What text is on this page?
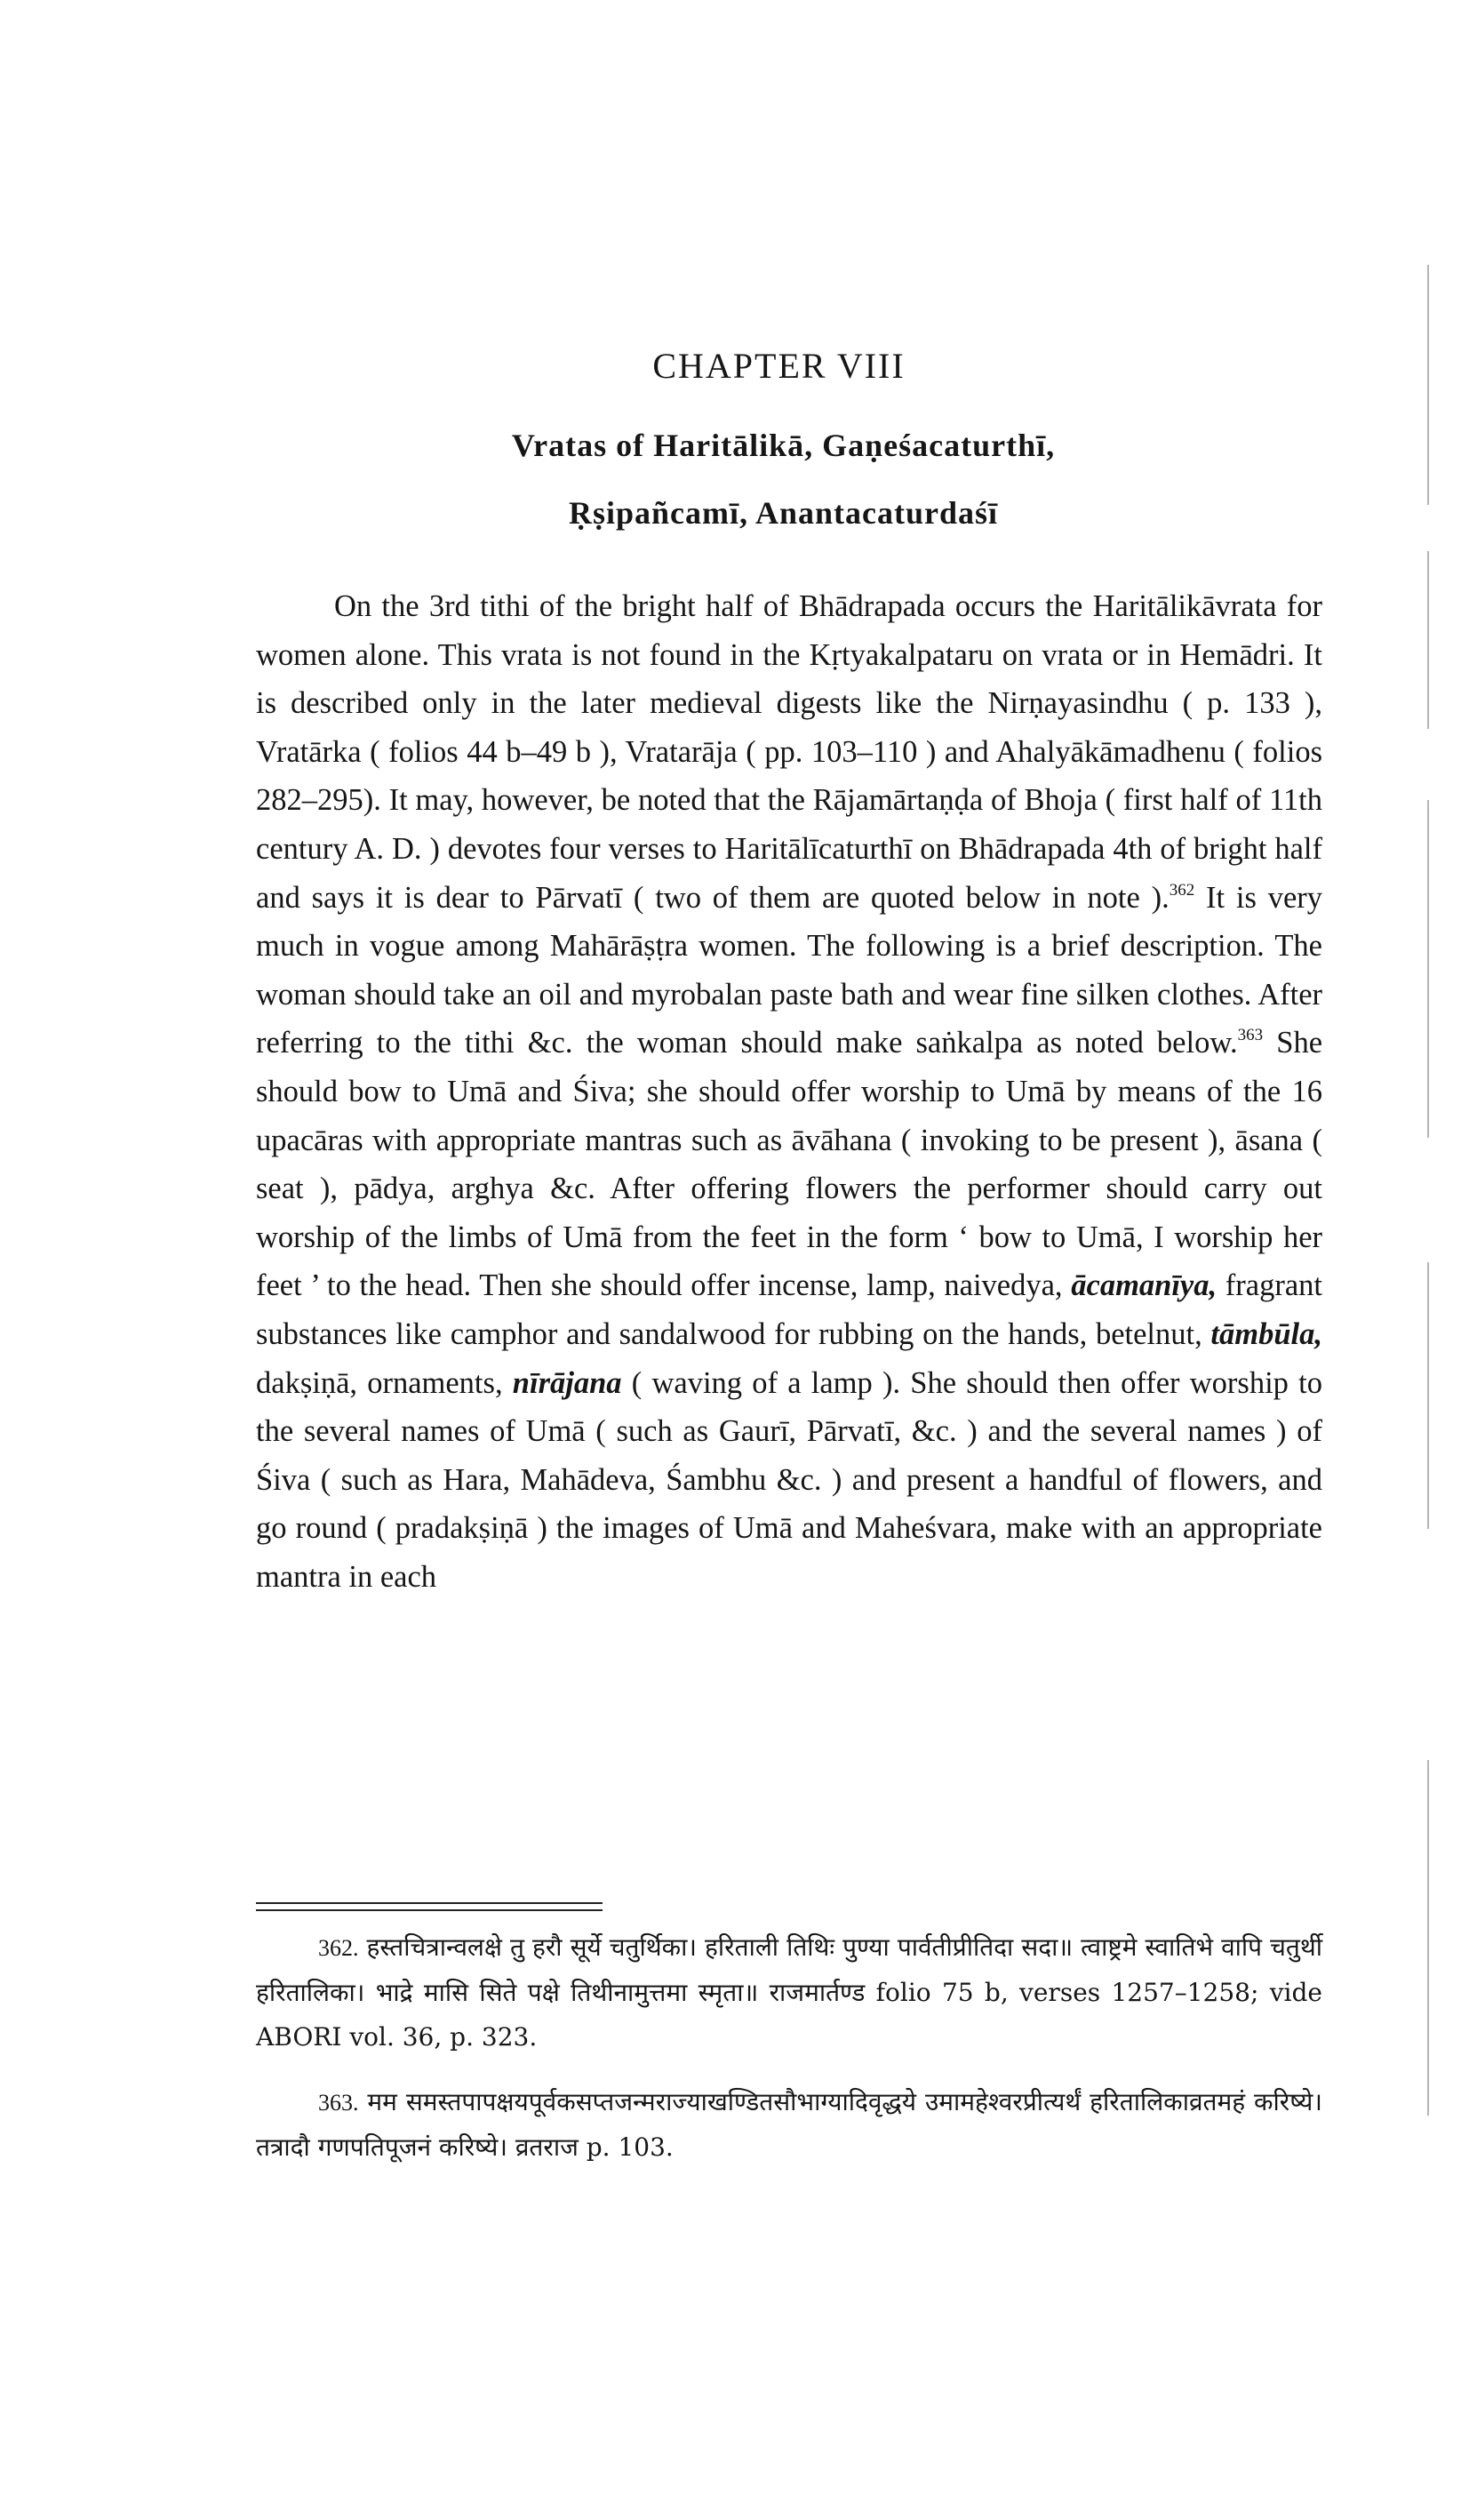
CHAPTER VIII
Vratas of Haritālikā, Gaṇeśacaturthī,
Ṛṣipañcamī, Anantacaturdaśī

On the 3rd tithi of the bright half of Bhādrapada occurs the Haritālikāvrata for women alone. This vrata is not found in the Kṛtyakalpataru on vrata or in Hemādri. It is described only in the later medieval digests like the Nirṇayasindhu ( p. 133 ), Vratārka ( folios 44 b–49 b ), Vratarāja ( pp. 103–110 ) and Ahalyākāmadhenu ( folios 282–295). It may, however, be noted that the Rājamārtaṇḍa of Bhoja ( first half of 11th century A. D. ) devotes four verses to Haritālīcaturthī on Bhādrapada 4th of bright half and says it is dear to Pārvatī ( two of them are quoted below in note ).$^{362}$ It is very much in vogue among Mahārāṣṭra women. The following is a brief description. The woman should take an oil and myrobalan paste bath and wear fine silken clothes. After referring to the tithi &c. the woman should make saṅkalpa as noted below.$^{363}$ She should bow to Umā and Śiva; she should offer worship to Umā by means of the 16 upacāras with appropriate mantras such as āvāhana ( invoking to be present ), āsana ( seat ), pādya, arghya &c. After offering flowers the performer should carry out worship of the limbs of Umā from the feet in the form ‘ bow to Umā, I worship her feet ’ to the head. Then she should offer incense, lamp, naivedya, ācamanīya, fragrant substances like camphor and sandalwood for rubbing on the hands, betelnut, tāmbūla, dakṣiṇā, ornaments, nīrājana ( waving of a lamp ). She should then offer worship to the several names of Umā ( such as Gaurī, Pārvatī, &c. ) and the several names ) of Śiva ( such as Hara, Mahādeva, Śambhu &c. ) and present a handful of flowers, and go round ( pradakṣiṇā ) the images of Umā and Maheśvara, make with an appropriate mantra in each

362. हस्तचित्रान्वलक्षे तु हरौ सूर्ये चतुर्थिका। हरिताली तिथिः पुण्या पार्वतीप्रीतिदा सदा॥ त्वाष्ट्रमे स्वातिभे वापि चतुर्थी हरितालिका। भाद्रे मासि सिते पक्षे तिथीनामुत्तमा स्मृता॥ राजमार्तण्ड folio 75 b, verses 1257–1258; vide ABORI vol. 36, p. 323.

363. मम समस्तपापक्षयपूर्वकसप्तजन्मराज्याखण्डितसौभाग्यादिवृद्धये उमामहेश्वरप्रीत्यर्थं हरितालिकाव्रतमहं करिष्ये। तत्रादौ गणपतिपूजनं करिष्ये। व्रतराज p. 103.
